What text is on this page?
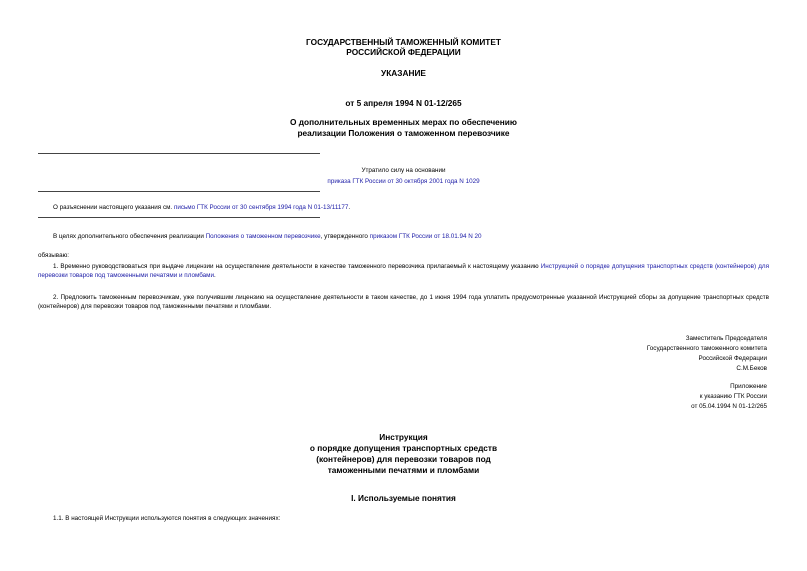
ГОСУДАРСТВЕННЫЙ ТАМОЖЕННЫЙ КОМИТЕТ
РОССИЙСКОЙ ФЕДЕРАЦИИ
УКАЗАНИЕ
от 5 апреля 1994 N 01-12/265
О дополнительных временных мерах по обеспечению
реализации Положения о таможенном перевозчике
Утратило силу на основании
приказа ГТК России от 30 октября 2001 года N 1029
О разъяснении настоящего указания см. письмо ГТК России от 30 сентября 1994 года N 01-13/11177.
В целях дополнительного обеспечения реализации Положения о таможенном перевозчике, утвержденного приказом ГТК России от 18.01.94 N 20
обязываю:
1. Временно руководствоваться при выдаче лицензии на осуществление деятельности в качестве таможенного перевозчика прилагаемый к настоящему указанию Инструкцией о порядке допущения транспортных средств (контейнеров) для перевозки товаров под таможенными печатями и пломбами.
2. Предложить таможенным перевозчикам, уже получившим лицензию на осуществление деятельности в таком качестве, до 1 июня 1994 года уплатить предусмотренные указанной Инструкцией сборы за допущение транспортных средств (контейнеров) для перевозки товаров под таможенными печатями и пломбами.
Заместитель Председателя
Государственного таможенного комитета
Российской Федерации
С.М.Беков
Приложение
к указанию ГТК России
от 05.04.1994 N 01-12/265
Инструкция
о порядке допущения транспортных средств
(контейнеров) для перевозки товаров под
таможенными печатями и пломбами
I. Используемые понятия
1.1. В настоящей Инструкции используются понятия в следующих значениях:
